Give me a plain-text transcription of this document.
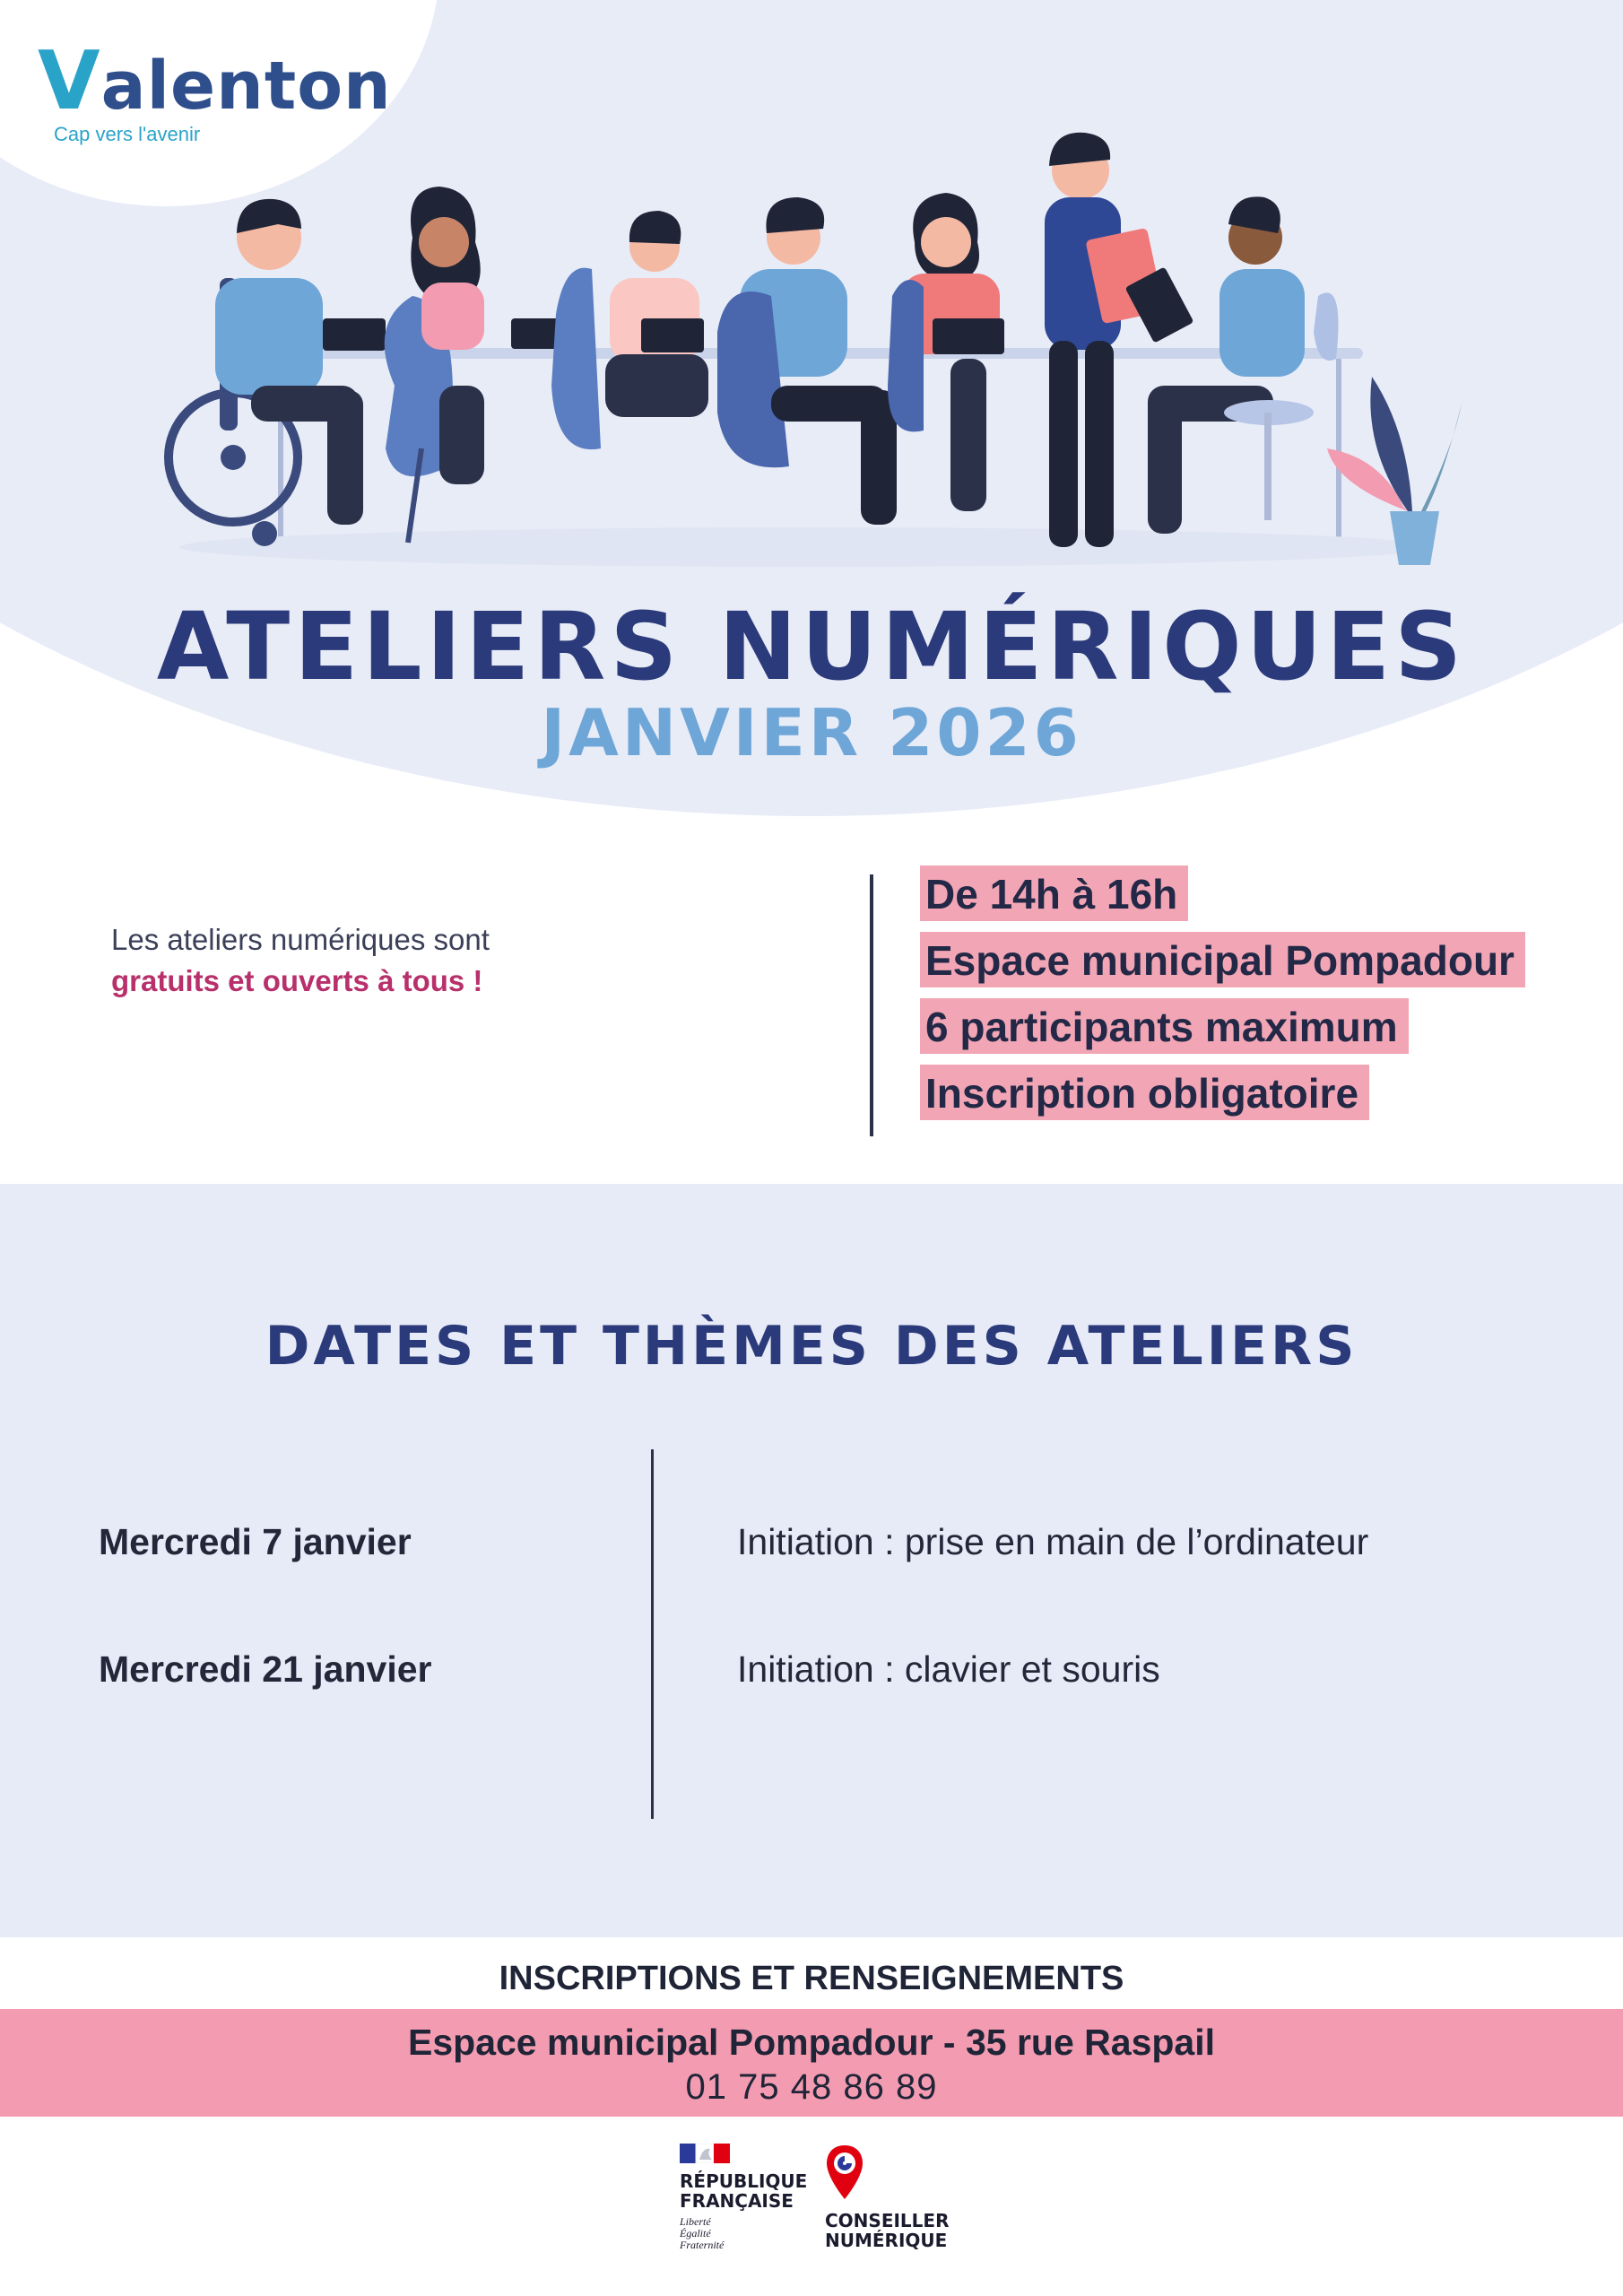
Valenton
Cap vers l'avenir
ATELIERS NUMÉRIQUES
JANVIER 2026
Les ateliers numériques sont
gratuits et ouverts à tous !
De 14h à 16h
Espace municipal Pompadour
6 participants maximum
Inscription obligatoire
DATES ET THÈMES DES ATELIERS
Mercredi 7 janvier	Initiation : prise en main de l’ordinateur
Mercredi 21 janvier	Initiation : clavier et souris
INSCRIPTIONS ET RENSEIGNEMENTS
Espace municipal Pompadour - 35 rue Raspail
01 75 48 86 89
RÉPUBLIQUE
FRANÇAISE
Liberté
Égalité
Fraternité
CONSEILLER
NUMÉRIQUE
